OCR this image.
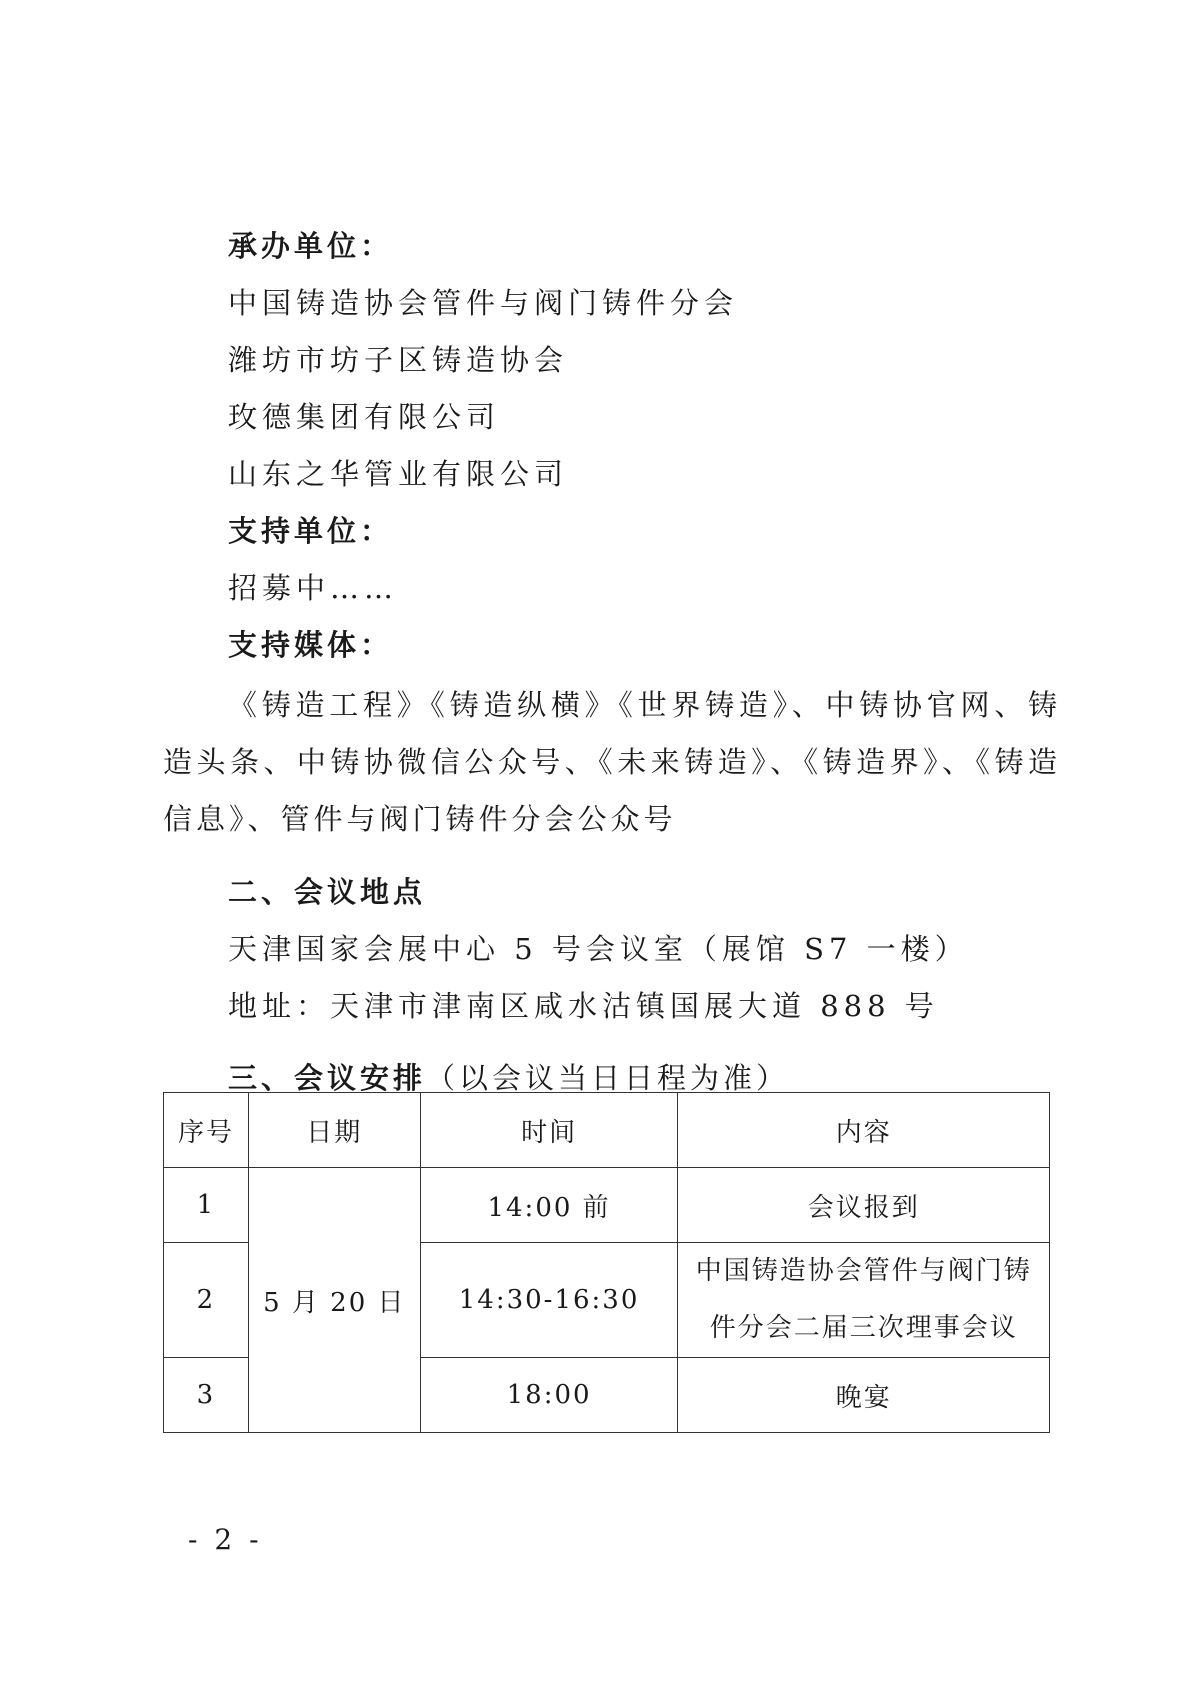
承办单位：
中国铸造协会管件与阀门铸件分会
潍坊市坊子区铸造协会
玫德集团有限公司
山东之华管业有限公司
支持单位：
招募中……
支持媒体：
《铸造工程》《铸造纵横》《世界铸造》、中铸协官网、铸造头条、中铸协微信公众号、《未来铸造》、《铸造界》、《铸造信息》、管件与阀门铸件分会公众号
二、会议地点
天津国家会展中心 5 号会议室（展馆 S7 一楼）
地址：天津市津南区咸水沽镇国展大道 888 号
三、会议安排（以会议当日日程为准）
序号	日期	时间	内容
1	5 月 20 日	14:00 前	会议报到
2		14:30-16:30	中国铸造协会管件与阀门铸件分会二届三次理事会议
3		18:00	晚宴
- 2 -
